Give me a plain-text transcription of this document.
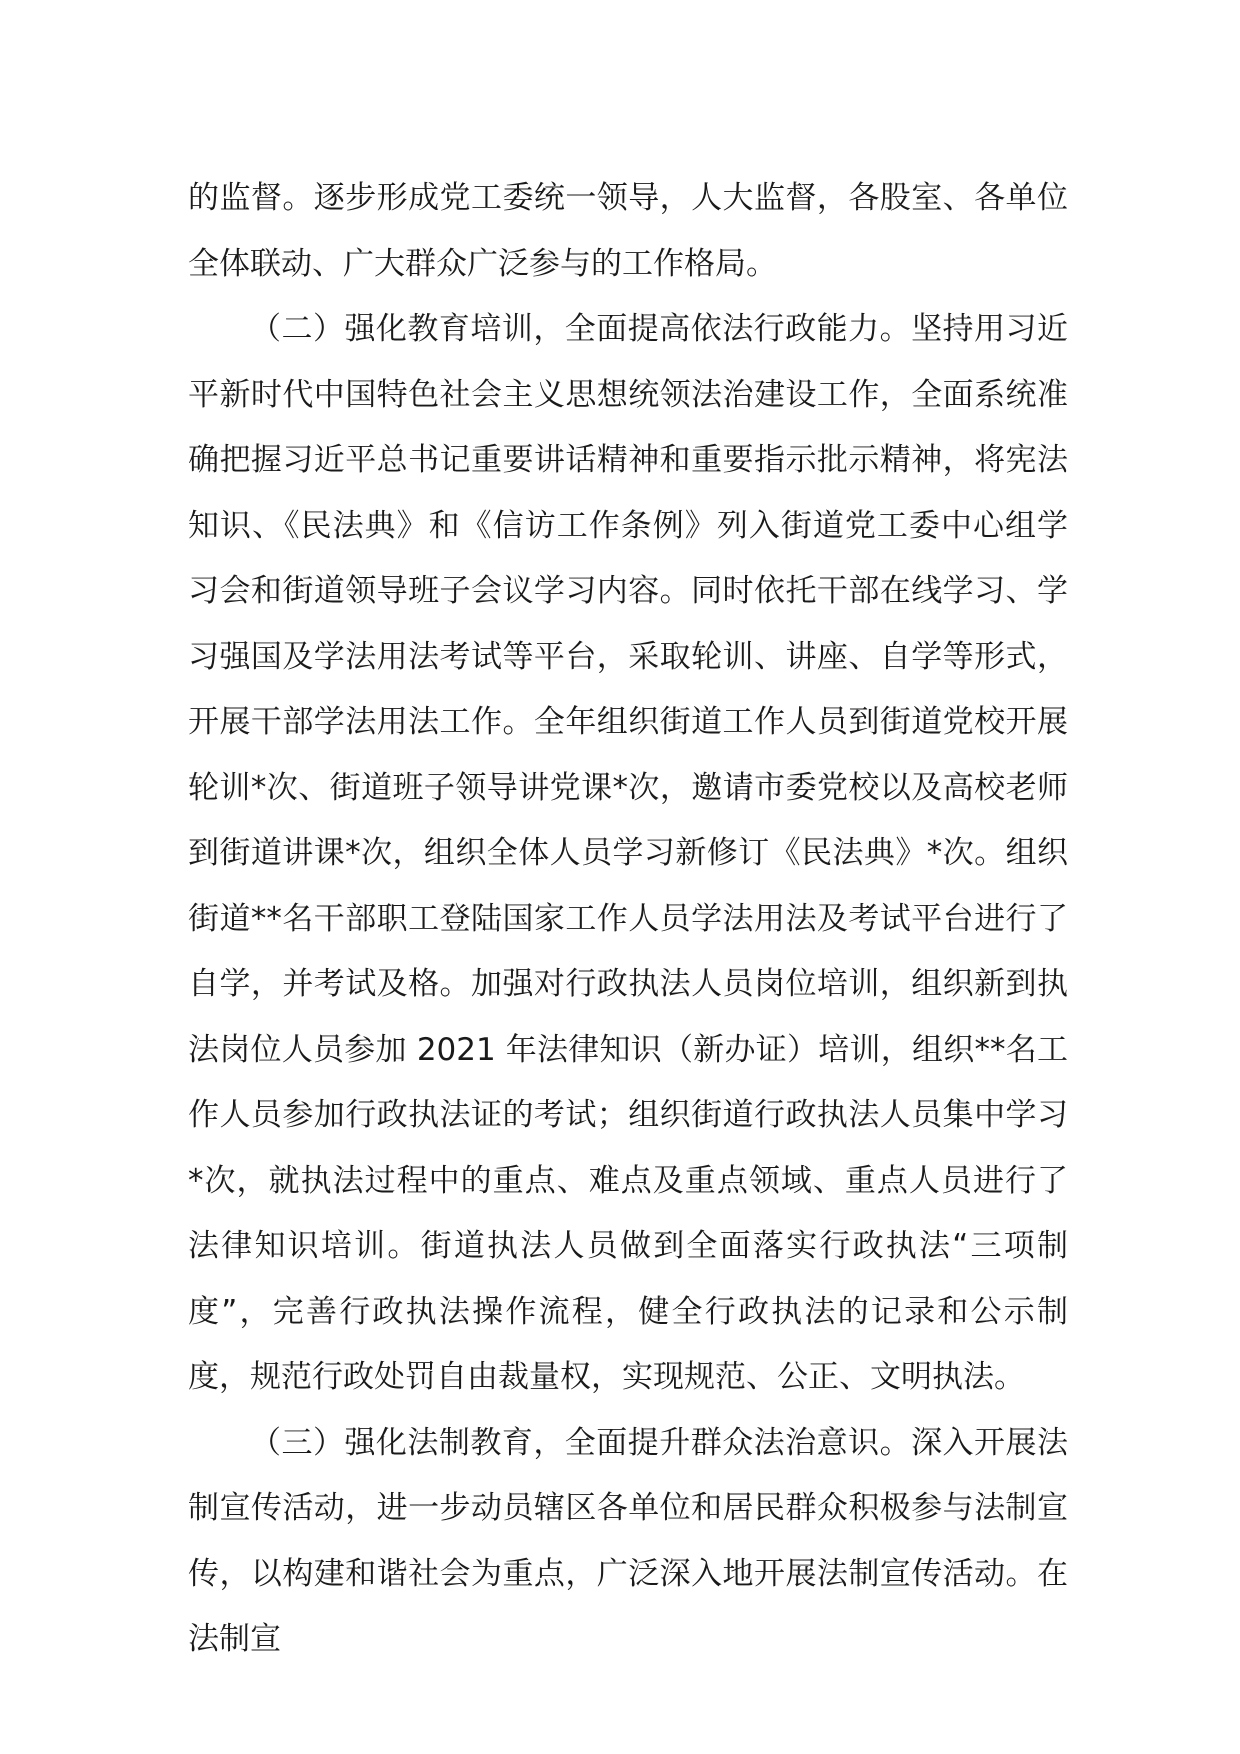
的监督。逐步形成党工委统一领导，人大监督，各股室、各单位全体联动、广大群众广泛参与的工作格局。

（二）强化教育培训，全面提高依法行政能力。坚持用习近平新时代中国特色社会主义思想统领法治建设工作，全面系统准确把握习近平总书记重要讲话精神和重要指示批示精神，将宪法知识、《民法典》和《信访工作条例》列入街道党工委中心组学习会和街道领导班子会议学习内容。同时依托干部在线学习、学习强国及学法用法考试等平台，采取轮训、讲座、自学等形式，开展干部学法用法工作。全年组织街道工作人员到街道党校开展轮训*次、街道班子领导讲党课*次，邀请市委党校以及高校老师到街道讲课*次，组织全体人员学习新修订《民法典》*次。组织街道**名干部职工登陆国家工作人员学法用法及考试平台进行了自学，并考试及格。加强对行政执法人员岗位培训，组织新到执法岗位人员参加 2021 年法律知识（新办证）培训，组织**名工作人员参加行政执法证的考试；组织街道行政执法人员集中学习*次，就执法过程中的重点、难点及重点领域、重点人员进行了法律知识培训。街道执法人员做到全面落实行政执法“三项制度”，完善行政执法操作流程，健全行政执法的记录和公示制度，规范行政处罚自由裁量权，实现规范、公正、文明执法。

（三）强化法制教育，全面提升群众法治意识。深入开展法制宣传活动，进一步动员辖区各单位和居民群众积极参与法制宣传，以构建和谐社会为重点，广泛深入地开展法制宣传活动。在法制宣
